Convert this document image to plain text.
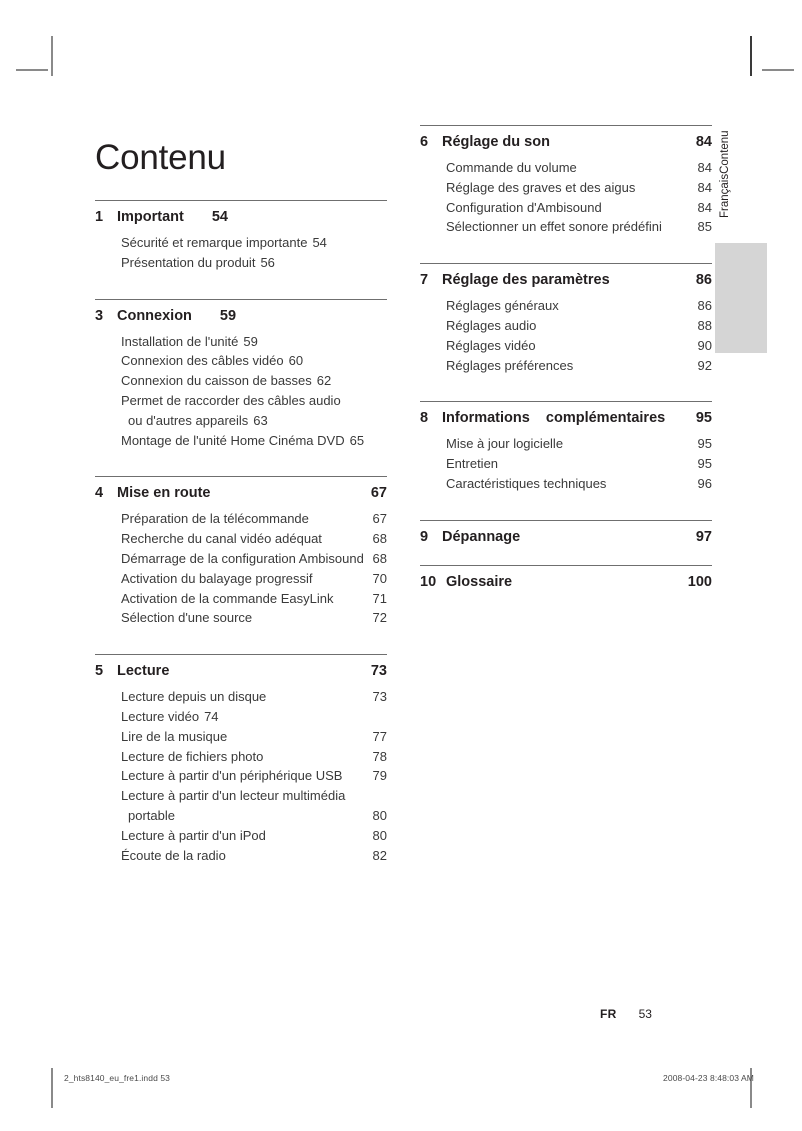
Contenu
1 Important 54
Sécurité et remarque importante 54
Présentation du produit 56
3 Connexion 59
Installation de l'unité 59
Connexion des câbles vidéo 60
Connexion du caisson de basses 62
Permet de raccorder des câbles audio
ou d'autres appareils 63
Montage de l'unité Home Cinéma DVD 65
4 Mise en route	67
Préparation de la télécommande	67
Recherche du canal vidéo adéquat	68
Démarrage de la configuration Ambisound 68
Activation du balayage progressif	70
Activation de la commande EasyLink	71
Sélection d'une source	72
5 Lecture	73
Lecture depuis un disque	73
Lecture vidéo 74
Lire de la musique	77
Lecture de fichiers photo	78
Lecture à partir d'un périphérique USB	79
Lecture à partir d'un lecteur multimédia
portable	80
Lecture à partir d'un iPod	80
Écoute de la radio	82
6 Réglage du son	84
Commande du volume	84
Réglage des graves et des aigus	84
Configuration d'Ambisound	84
Sélectionner un effet sonore prédéfini	85
7 Réglage des paramètres	86
Réglages généraux	86
Réglages audio	88
Réglages vidéo	90
Réglages préférences	92
8 Informations    complémentaires	95
Mise à jour logicielle	95
Entretien	95
Caractéristiques techniques	96
9 Dépannage	97
10 Glossaire	100
FrançaisContenu
FR 53
2_hts8140_eu_fre1.indd 53	2008-04-23 8:48:03 AM
